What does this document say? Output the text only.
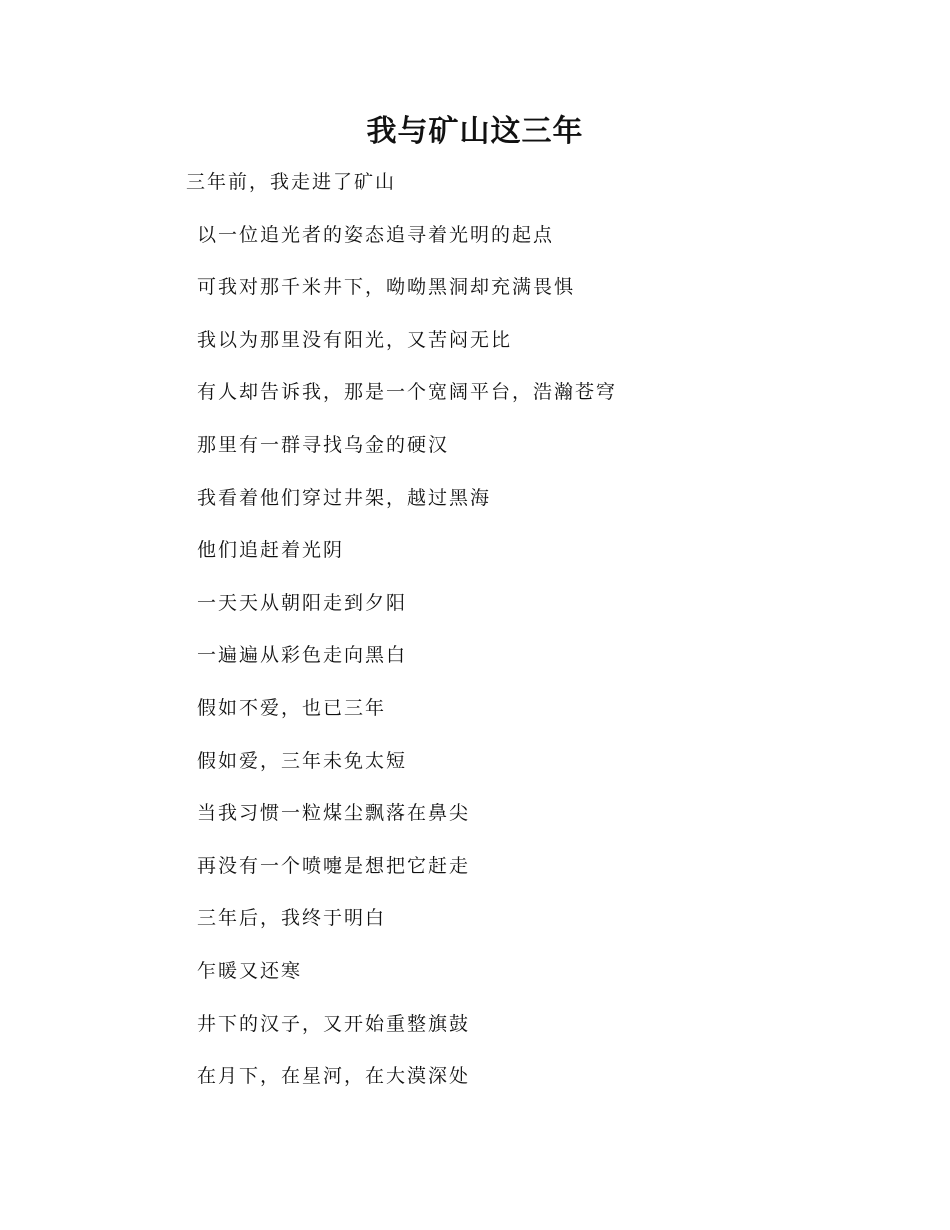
我与矿山这三年
三年前，我走进了矿山
以一位追光者的姿态追寻着光明的起点
可我对那千米井下，呦呦黑洞却充满畏惧
我以为那里没有阳光，又苦闷无比
有人却告诉我，那是一个宽阔平台，浩瀚苍穹
那里有一群寻找乌金的硬汉
我看着他们穿过井架，越过黑海
他们追赶着光阴
一天天从朝阳走到夕阳
一遍遍从彩色走向黑白
假如不爱，也已三年
假如爱，三年未免太短
当我习惯一粒煤尘飘落在鼻尖
再没有一个喷嚏是想把它赶走
三年后，我终于明白
乍暖又还寒
井下的汉子，又开始重整旗鼓
在月下，在星河，在大漠深处
